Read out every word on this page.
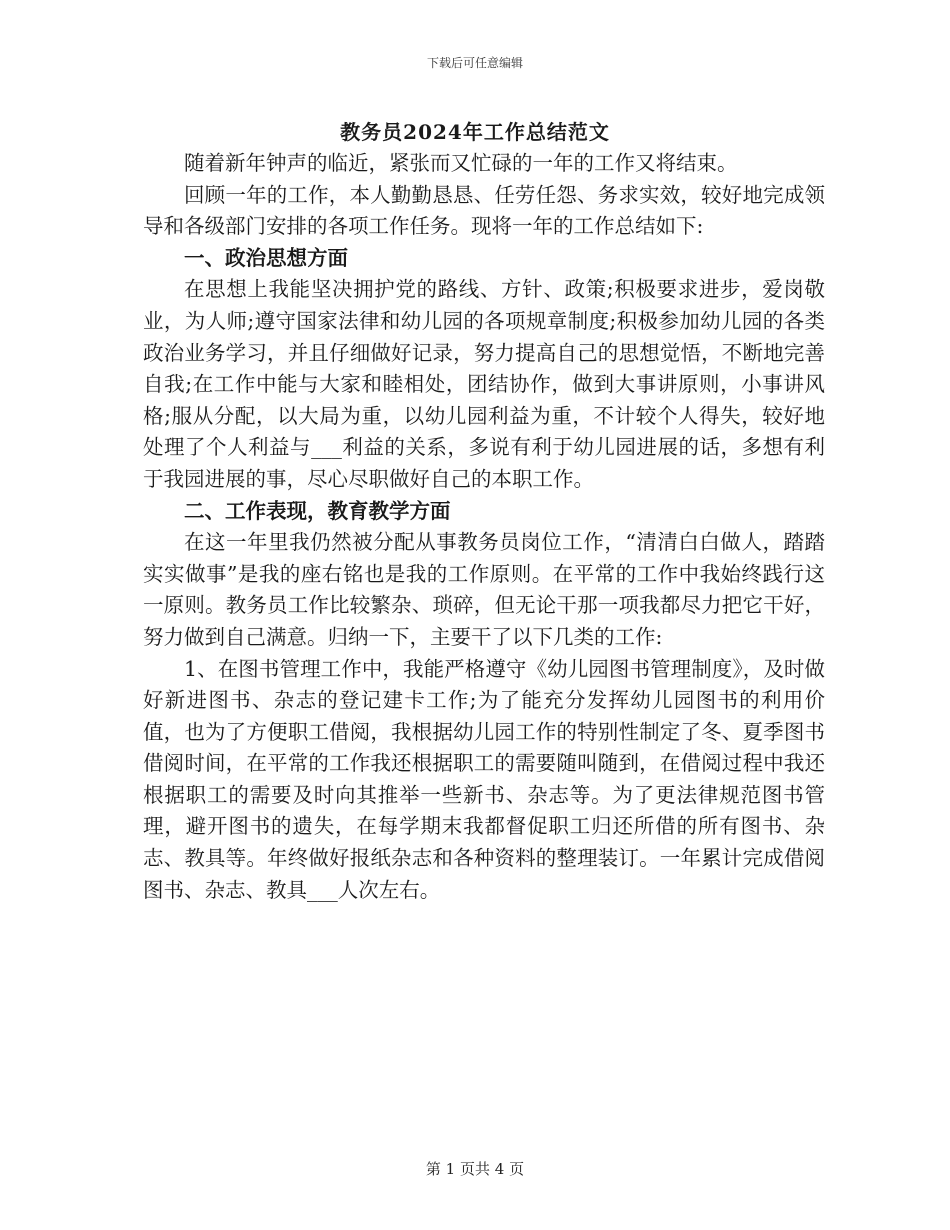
下载后可任意编辑
教务员2024年工作总结范文

随着新年钟声的临近，紧张而又忙碌的一年的工作又将结束。

回顾一年的工作，本人勤勤恳恳、任劳任怨、务求实效，较好地完成领导和各级部门安排的各项工作任务。现将一年的工作总结如下:

一、政治思想方面

在思想上我能坚决拥护党的路线、方针、政策;积极要求进步，爱岗敬业，为人师;遵守国家法律和幼儿园的各项规章制度;积极参加幼儿园的各类政治业务学习，并且仔细做好记录，努力提高自己的思想觉悟，不断地完善自我;在工作中能与大家和睦相处，团结协作，做到大事讲原则，小事讲风格;服从分配，以大局为重，以幼儿园利益为重，不计较个人得失，较好地处理了个人利益与___利益的关系，多说有利于幼儿园进展的话，多想有利于我园进展的事，尽心尽职做好自己的本职工作。

二、工作表现，教育教学方面

在这一年里我仍然被分配从事教务员岗位工作，“清清白白做人，踏踏实实做事”是我的座右铭也是我的工作原则。在平常的工作中我始终践行这一原则。教务员工作比较繁杂、琐碎，但无论干那一项我都尽力把它干好，努力做到自己满意。归纳一下，主要干了以下几类的工作:

1、在图书管理工作中，我能严格遵守《幼儿园图书管理制度》，及时做好新进图书、杂志的登记建卡工作;为了能充分发挥幼儿园图书的利用价值，也为了方便职工借阅，我根据幼儿园工作的特别性制定了冬、夏季图书借阅时间，在平常的工作我还根据职工的需要随叫随到，在借阅过程中我还根据职工的需要及时向其推举一些新书、杂志等。为了更法律规范图书管理，避开图书的遗失，在每学期末我都督促职工归还所借的所有图书、杂志、教具等。年终做好报纸杂志和各种资料的整理装订。一年累计完成借阅图书、杂志、教具___人次左右。

第 1 页共 4 页
